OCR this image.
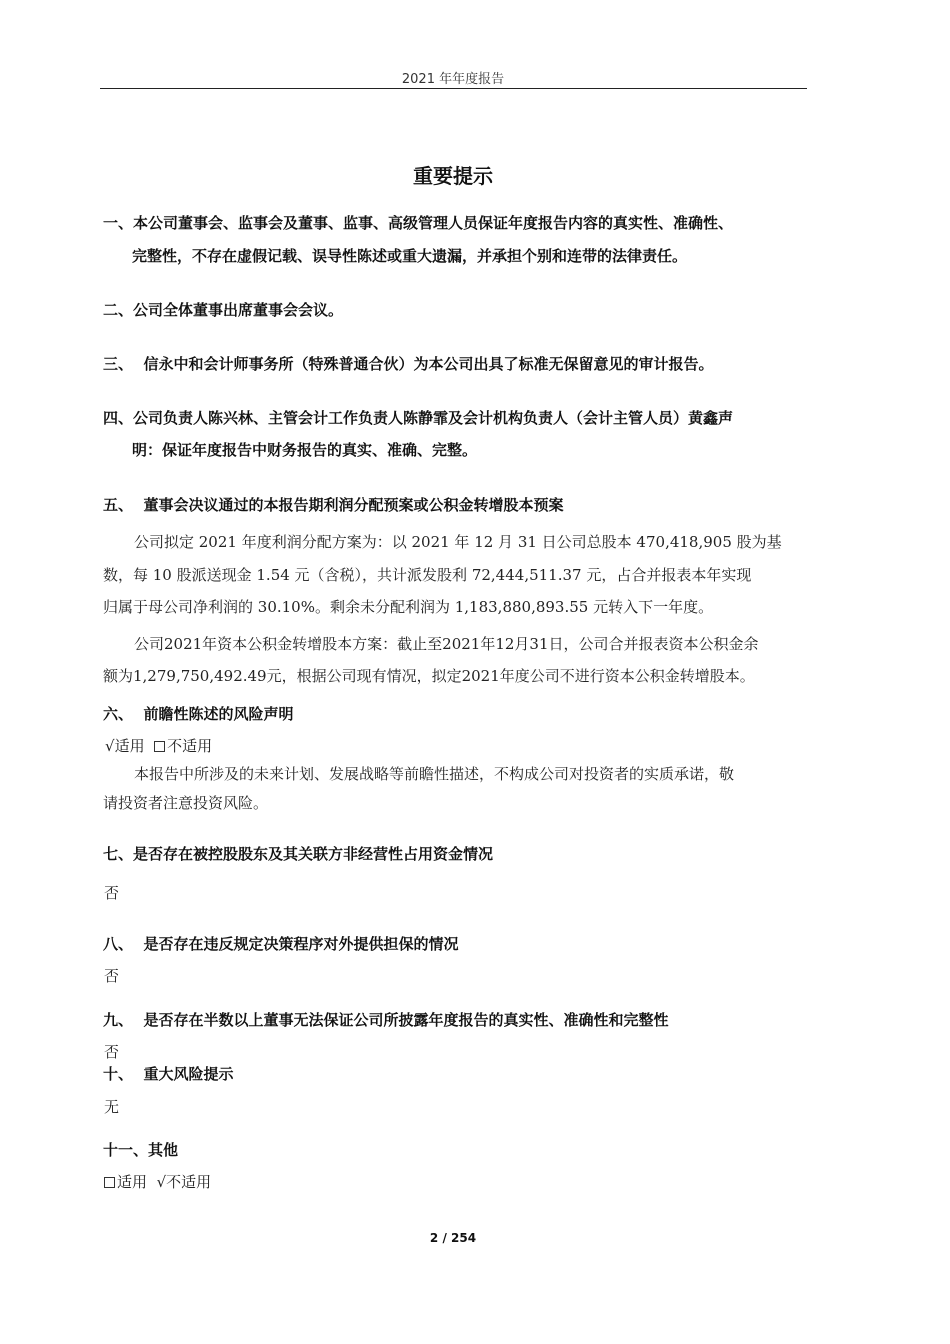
2021 年年度报告
重要提示
一、本公司董事会、监事会及董事、监事、高级管理人员保证年度报告内容的真实性、准确性、
完整性，不存在虚假记载、误导性陈述或重大遗漏，并承担个别和连带的法律责任。
二、公司全体董事出席董事会会议。
三、  信永中和会计师事务所（特殊普通合伙）为本公司出具了标准无保留意见的审计报告。
四、公司负责人陈兴林、主管会计工作负责人陈静霏及会计机构负责人（会计主管人员）黄鑫声
明：保证年度报告中财务报告的真实、准确、完整。
五、  董事会决议通过的本报告期利润分配预案或公积金转增股本预案
公司拟定 2021 年度利润分配方案为：以 2021 年 12 月 31 日公司总股本 470,418,905 股为基
数，每 10 股派送现金 1.54 元（含税），共计派发股利 72,444,511.37 元，占合并报表本年实现
归属于母公司净利润的 30.10%。剩余未分配利润为 1,183,880,893.55 元转入下一年度。
公司2021年资本公积金转增股本方案：截止至2021年12月31日，公司合并报表资本公积金余
额为1,279,750,492.49元，根据公司现有情况，拟定2021年度公司不进行资本公积金转增股本。
六、  前瞻性陈述的风险声明
√适用 不适用
本报告中所涉及的未来计划、发展战略等前瞻性描述，不构成公司对投资者的实质承诺，敬
请投资者注意投资风险。
七、是否存在被控股股东及其关联方非经营性占用资金情况
否
八、  是否存在违反规定决策程序对外提供担保的情况
否
九、  是否存在半数以上董事无法保证公司所披露年度报告的真实性、准确性和完整性
否
十、  重大风险提示
无
十一、其他
适用 √不适用
2 / 254
